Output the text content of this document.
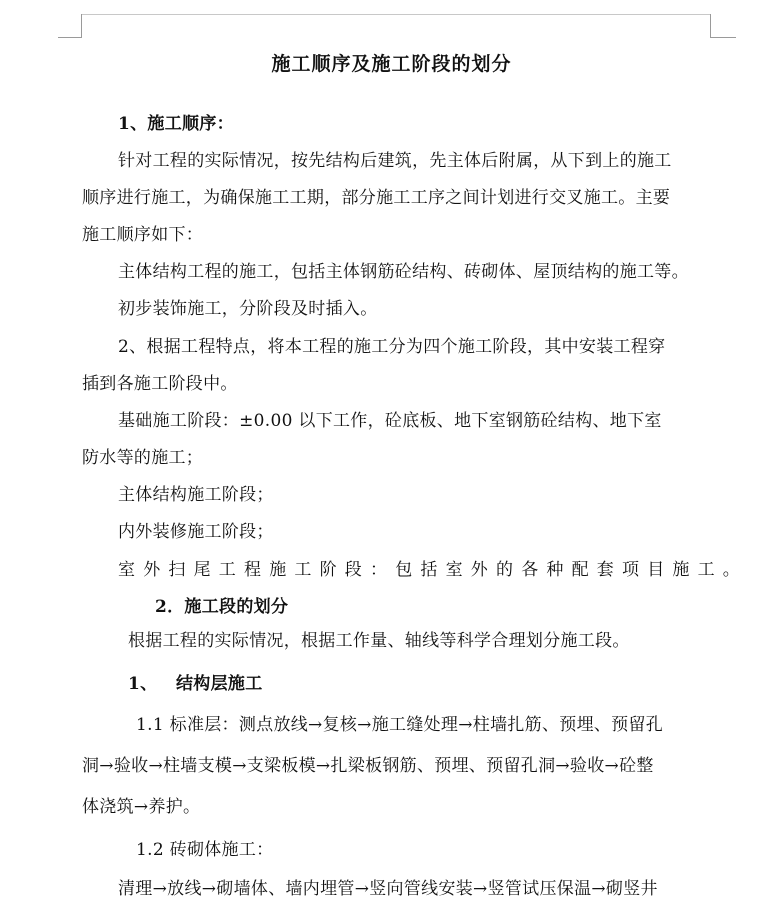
施工顺序及施工阶段的划分
1、施工顺序：
针对工程的实际情况，按先结构后建筑，先主体后附属，从下到上的施工
顺序进行施工，为确保施工工期，部分施工工序之间计划进行交叉施工。主要
施工顺序如下：
主体结构工程的施工，包括主体钢筋砼结构、砖砌体、屋顶结构的施工等。
初步装饰施工，分阶段及时插入。
2、根据工程特点，将本工程的施工分为四个施工阶段，其中安装工程穿
插到各施工阶段中。
基础施工阶段：±0.00 以下工作，砼底板、地下室钢筋砼结构、地下室
防水等的施工；
主体结构施工阶段；
内外装修施工阶段；
室外扫尾工程施工阶段：包括室外的各种配套项目施工。
2．施工段的划分
根据工程的实际情况，根据工作量、轴线等科学合理划分施工段。
1、 结构层施工
1.1 标准层：测点放线→复核→施工缝处理→柱墙扎筋、预埋、预留孔
洞→验收→柱墙支模→支梁板模→扎梁板钢筋、预埋、预留孔洞→验收→砼整
体浇筑→养护。
1.2 砖砌体施工：
清理→放线→砌墙体、墙内埋管→竖向管线安装→竖管试压保温→砌竖井
